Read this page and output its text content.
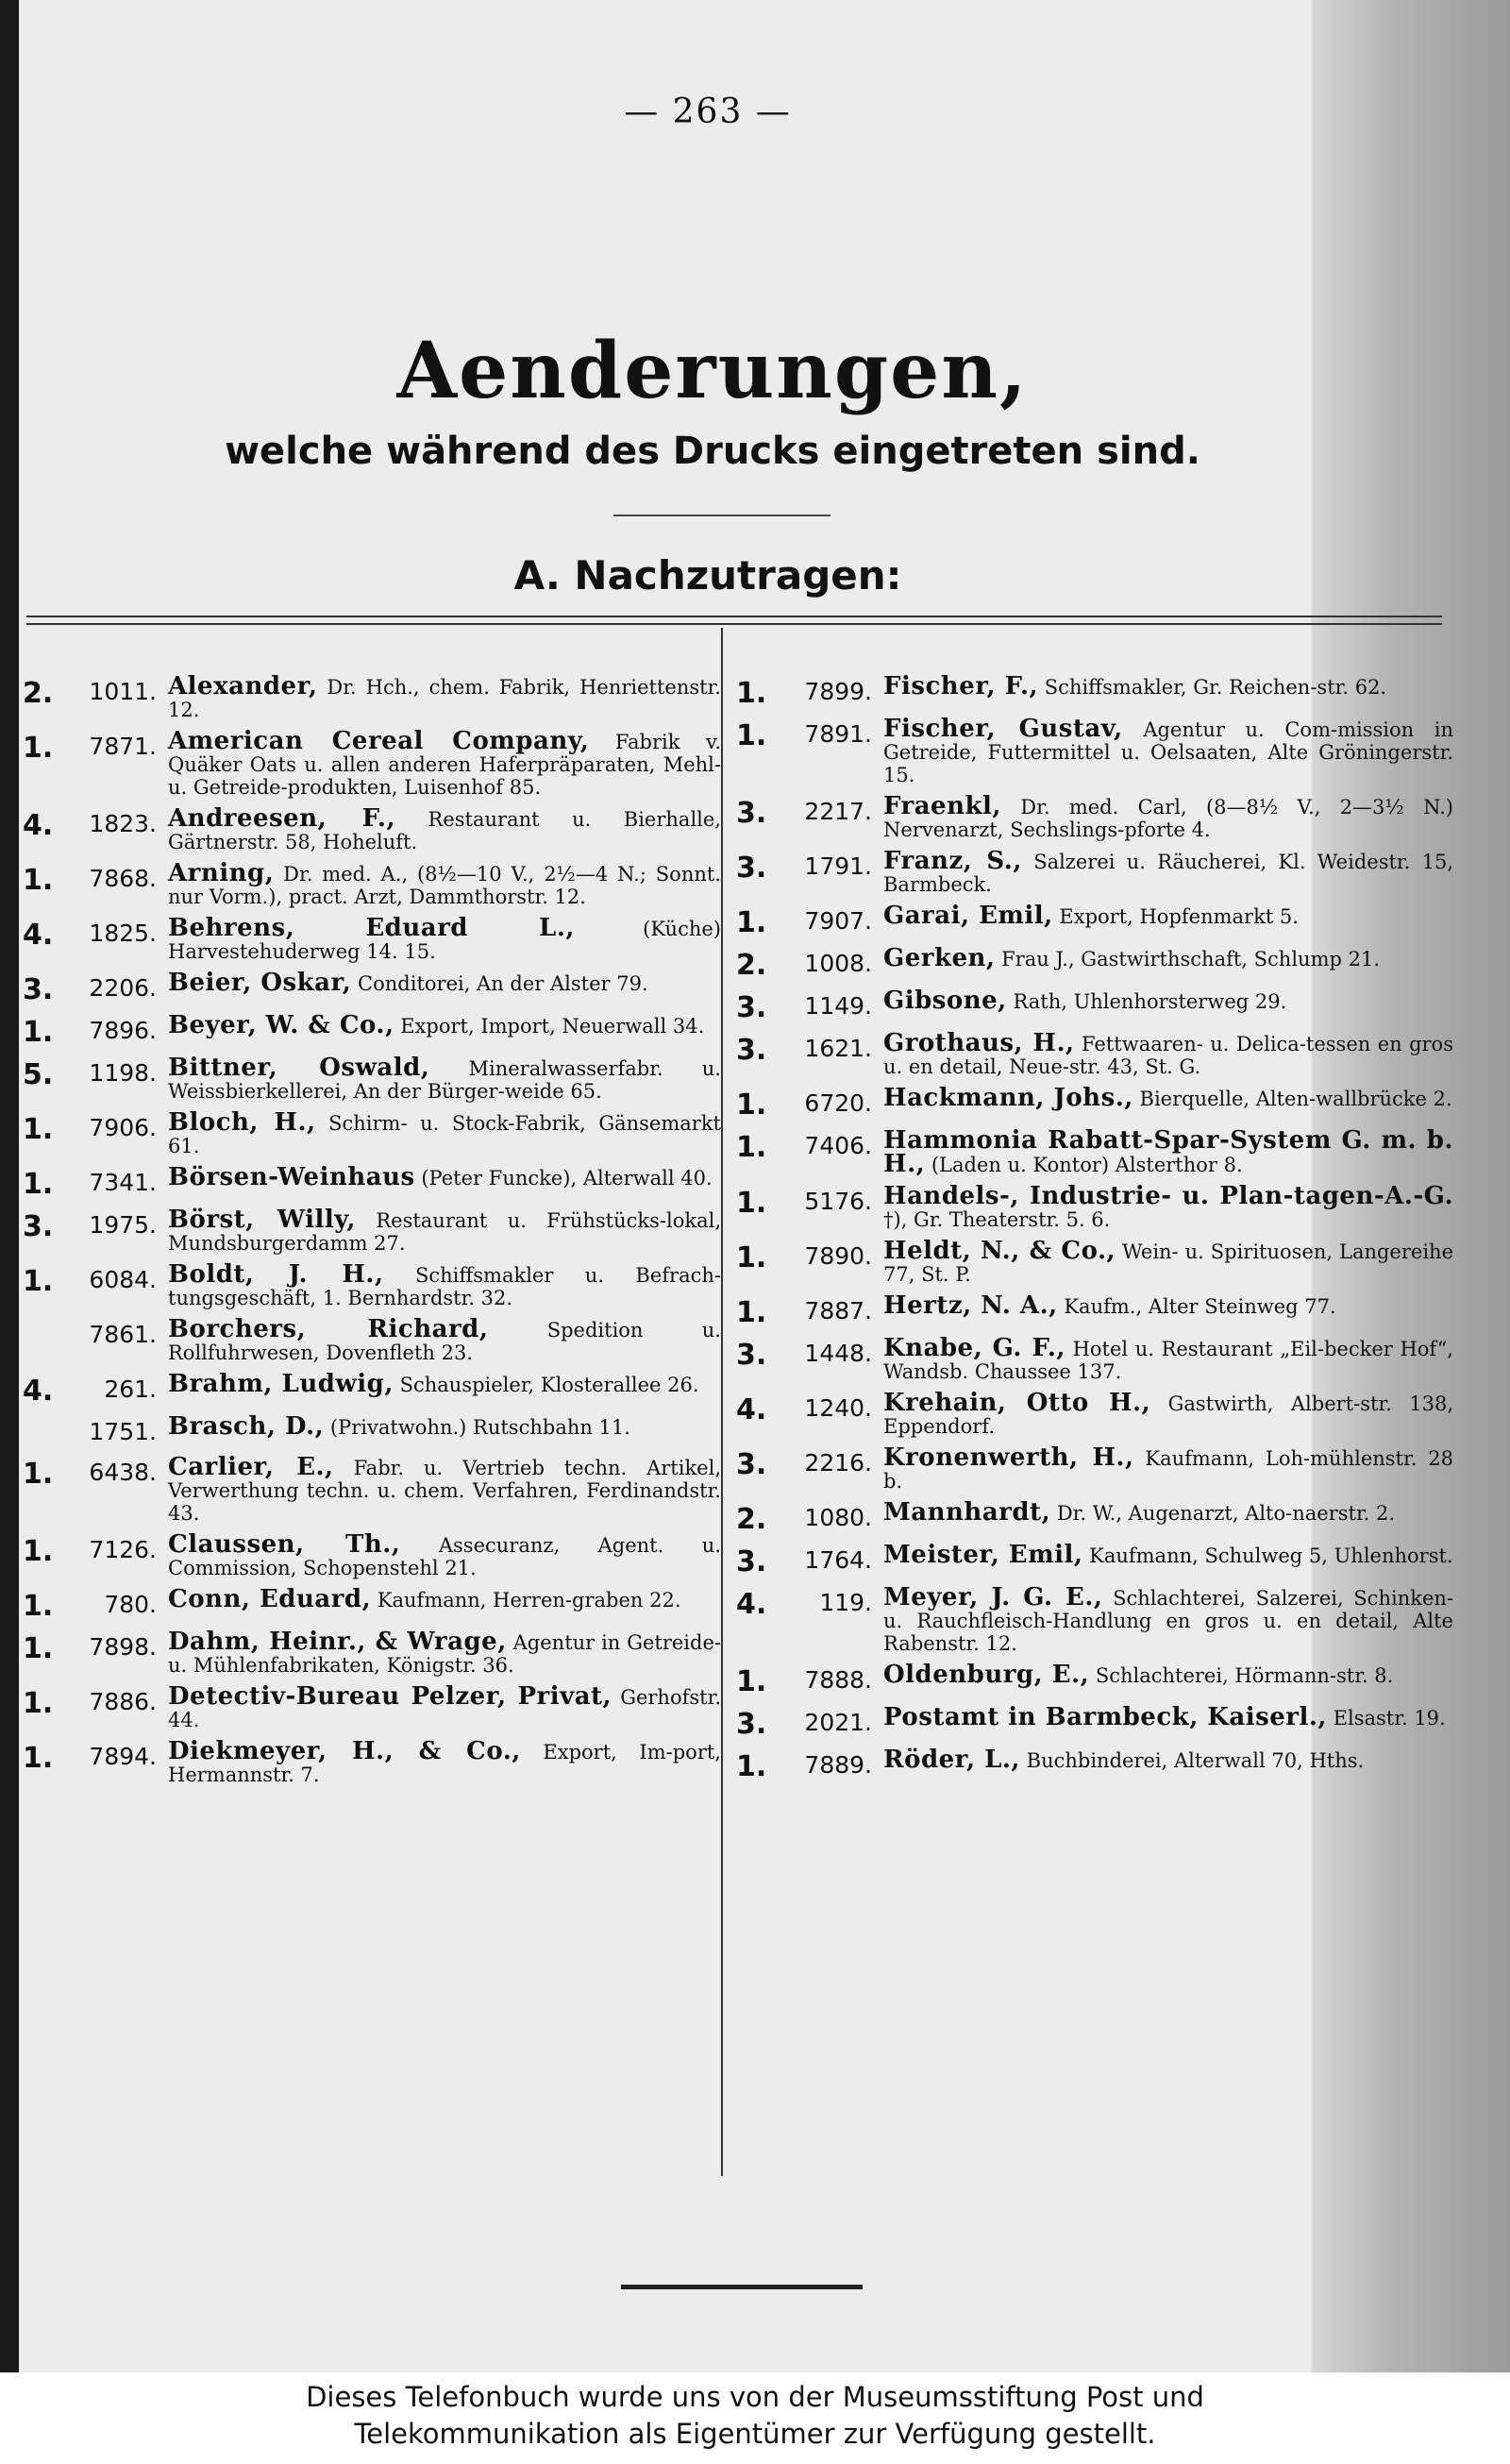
— 263 —
Aenderungen,
welche während des Drucks eingetreten sind.
A. Nachzutragen:
2.	1011. Alexander, Dr. Hch., chem. Fabrik, Henriettenstr. 12.
1.	7871. American Cereal Company, Fabrik v. Quäker Oats u. allen anderen Haferpräparaten, Mehl- u. Getreide-produkten, Luisenhof 85.
4.	1823. Andreesen, F., Restaurant u. Bierhalle, Gärtnerstr. 58, Hoheluft.
1.	7868. Arning, Dr. med. A., (8½—10 V., 2½—4 N.; Sonnt. nur Vorm.), pract. Arzt, Dammthorstr. 12.
4.	1825. Behrens, Eduard L.,	(Küche) Harvestehuderweg 14. 15.
3.	2206. Beier, Oskar, Conditorei, An der Alster 79.
1.	7896. Beyer, W. & Co., Export, Import, Neuerwall 34.
5.	1198. Bittner, Oswald, Mineralwasserfabr. u. Weissbierkellerei, An der Bürger-weide 65.
1.	7906. Bloch, H., Schirm- u. Stock-Fabrik, Gänsemarkt 61.
1.	7341. Börsen-Weinhaus (Peter Funcke), Alterwall 40.
3.	1975. Börst, Willy, Restaurant u. Frühstücks-lokal, Mundsburgerdamm 27.
1.	6084. Boldt, J. H., Schiffsmakler u. Befrach-tungsgeschäft, 1. Bernhardstr. 32.
7861. Borchers, Richard,	Spedition u. Rollfuhrwesen, Dovenfleth 23.
4.	261. Brahm, Ludwig, Schauspieler, Klosterallee 26.
1751. Brasch, D., (Privatwohn.) Rutschbahn 11.
1.	6438. Carlier, E., Fabr. u. Vertrieb techn. Artikel, Verwerthung techn. u. chem. Verfahren, Ferdinandstr. 43.
1.	7126. Claussen, Th., Assecuranz, Agent. u. Commission, Schopenstehl 21.
1.	780. Conn, Eduard, Kaufmann, Herren-graben 22.
1.	7898. Dahm, Heinr., & Wrage, Agentur in Getreide- u. Mühlenfabrikaten, Königstr. 36.
1.	7886. Detectiv-Bureau Pelzer, Privat, Gerhofstr. 44.
1.	7894. Diekmeyer, H., & Co., Export, Im-port, Hermannstr. 7.
1.	7899. Fischer, F., Schiffsmakler, Gr. Reichen-str. 62.
1.	7891. Fischer, Gustav, Agentur u. Com-mission in Getreide, Futtermittel u. Oelsaaten, Alte Gröningerstr. 15.
3.	2217. Fraenkl, Dr. med. Carl, (8—8½ V., 2—3½ N.) Nervenarzt, Sechslings-pforte 4.
3.	1791. Franz, S., Salzerei u. Räucherei, Kl. Weidestr. 15, Barmbeck.
1.	7907. Garai, Emil, Export, Hopfenmarkt 5.
2.	1008. Gerken, Frau J., Gastwirthschaft, Schlump 21.
3.	1149. Gibsone, Rath, Uhlenhorsterweg 29.
3.	1621. Grothaus, H., Fettwaaren- u. Delica-tessen en gros u. en detail, Neue-str. 43, St. G.
1.	6720. Hackmann, Johs., Bierquelle, Alten-wallbrücke 2.
1.	7406. Hammonia Rabatt-Spar-System G. m. b. H., (Laden u. Kontor) Alsterthor 8.
1.	5176. Handels-, Industrie- u. Plan-tagen-A.-G. †), Gr. Theaterstr. 5. 6.
1.	7890. Heldt, N., & Co., Wein- u. Spirituosen, Langereihe 77, St. P.
1.	7887. Hertz, N. A., Kaufm., Alter Steinweg 77.
3.	1448. Knabe, G. F., Hotel u. Restaurant „Eil-becker Hof“, Wandsb. Chaussee 137.
4.	1240. Krehain, Otto H., Gastwirth, Albert-str. 138, Eppendorf.
3.	2216. Kronenwerth, H., Kaufmann, Loh-mühlenstr. 28 b.
2.	1080. Mannhardt, Dr. W., Augenarzt, Alto-naerstr. 2.
3.	1764. Meister, Emil, Kaufmann, Schulweg 5, Uhlenhorst.
4.	119. Meyer, J. G. E., Schlachterei, Salzerei, Schinken- u. Rauchfleisch-Handlung en gros u. en detail, Alte Rabenstr. 12.
1.	7888. Oldenburg, E., Schlachterei, Hörmann-str. 8.
3.	2021. Postamt in Barmbeck, Kaiserl., Elsastr. 19.
1.	7889. Röder, L., Buchbinderei, Alterwall 70, Hths.
Dieses Telefonbuch wurde uns von der Museumsstiftung Post und
Telekommunikation als Eigentümer zur Verfügung gestellt.
